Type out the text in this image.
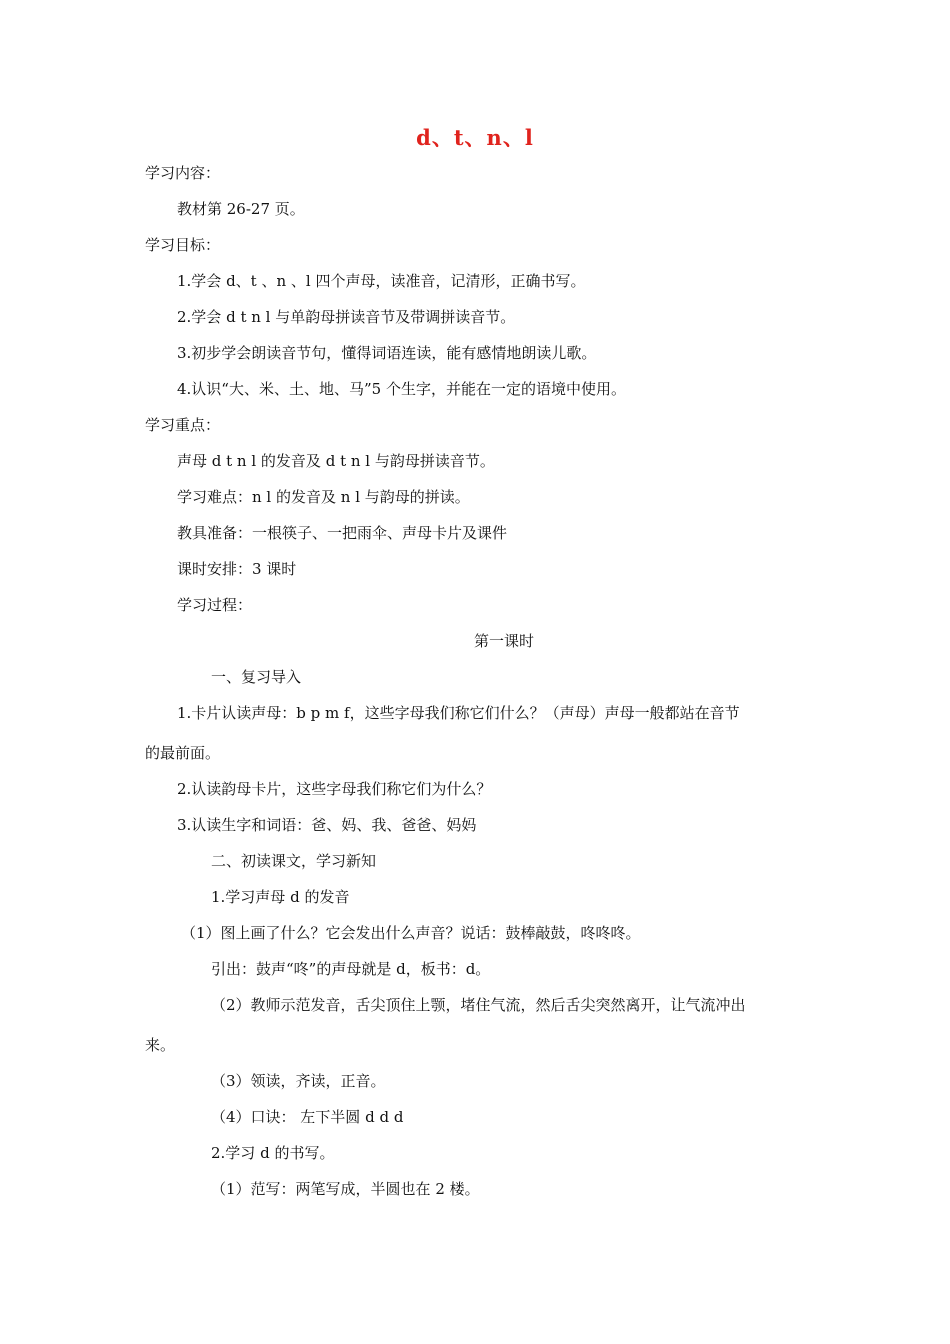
d、t、n、l
学习内容：
教材第 26-27 页。
学习目标：
1.学会 d、t 、n 、l 四个声母，读准音，记清形，正确书写。
2.学会 d t n l 与单韵母拼读音节及带调拼读音节。
3.初步学会朗读音节句，懂得词语连读，能有感情地朗读儿歌。
4.认识“大、米、土、地、马”5 个生字，并能在一定的语境中使用。
学习重点：
声母 d t n l 的发音及 d t n l 与韵母拼读音节。
学习难点：n l 的发音及 n l 与韵母的拼读。
教具准备：一根筷子、一把雨伞、声母卡片及课件
课时安排：3 课时
学习过程：
第一课时
一、复习导入
1.卡片认读声母：b p m f，这些字母我们称它们什么？（声母）声母一般都站在音节
的最前面。
2.认读韵母卡片，这些字母我们称它们为什么？
3.认读生字和词语：爸、妈、我、爸爸、妈妈
二、初读课文，学习新知
1.学习声母 d 的发音
（1）图上画了什么？它会发出什么声音？说话：鼓棒敲鼓，咚咚咚。
引出：鼓声“咚”的声母就是 d，板书：d。
（2）教师示范发音，舌尖顶住上颚，堵住气流，然后舌尖突然离开，让气流冲出
来。
（3）领读，齐读，正音。
（4）口诀： 左下半圆 d d d
2.学习 d 的书写。
（1）范写：两笔写成，半圆也在 2 楼。
